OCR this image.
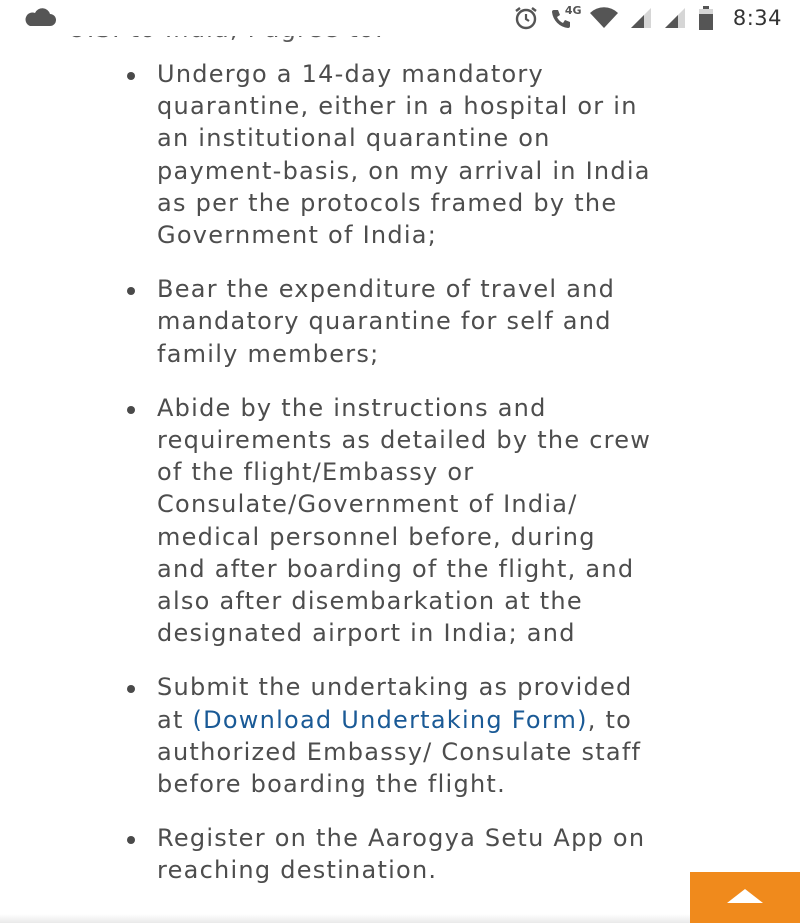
4G	8:34
Undergo a 14-day mandatory
quarantine, either in a hospital or in
an institutional quarantine on
payment-basis, on my arrival in India
as per the protocols framed by the
Government of India;
Bear the expenditure of travel and
mandatory quarantine for self and
family members;
Abide by the instructions and
requirements as detailed by the crew
of the flight/Embassy or
Consulate/Government of India/
medical personnel before, during
and after boarding of the flight, and
also after disembarkation at the
designated airport in India; and
Submit the undertaking as provided
at (Download Undertaking Form), to
authorized Embassy/ Consulate staff
before boarding the flight.
Register on the Aarogya Setu App on
reaching destination.
